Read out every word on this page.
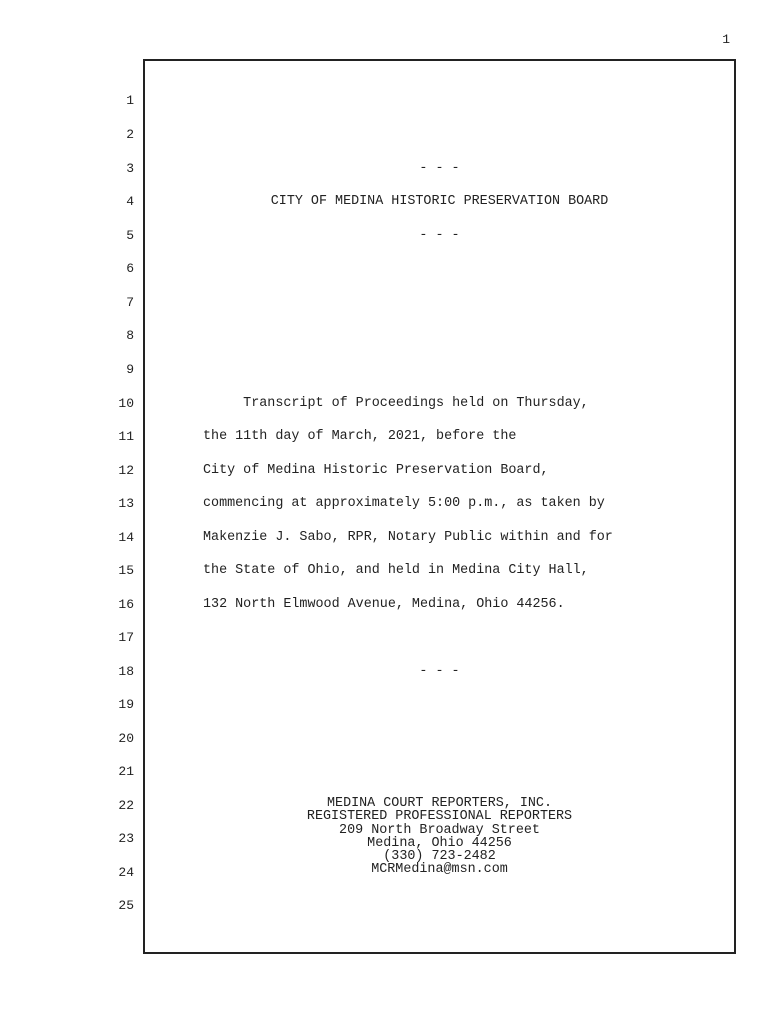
1
1
2
3
4
5
6
7
8
9
10
11
12
13
14
15
16
17
18
19
20
21
22
23
24
25
- - -
CITY OF MEDINA HISTORIC PRESERVATION BOARD
- - -
Transcript of Proceedings held on Thursday,
the 11th day of March, 2021, before the
City of Medina Historic Preservation Board,
commencing at approximately 5:00 p.m., as taken by
Makenzie J. Sabo, RPR, Notary Public within and for
the State of Ohio, and held in Medina City Hall,
132 North Elmwood Avenue, Medina, Ohio 44256.
- - -
MEDINA COURT REPORTERS, INC.
REGISTERED PROFESSIONAL REPORTERS
209 North Broadway Street
Medina, Ohio 44256
(330) 723-2482
MCRMedina@msn.com
